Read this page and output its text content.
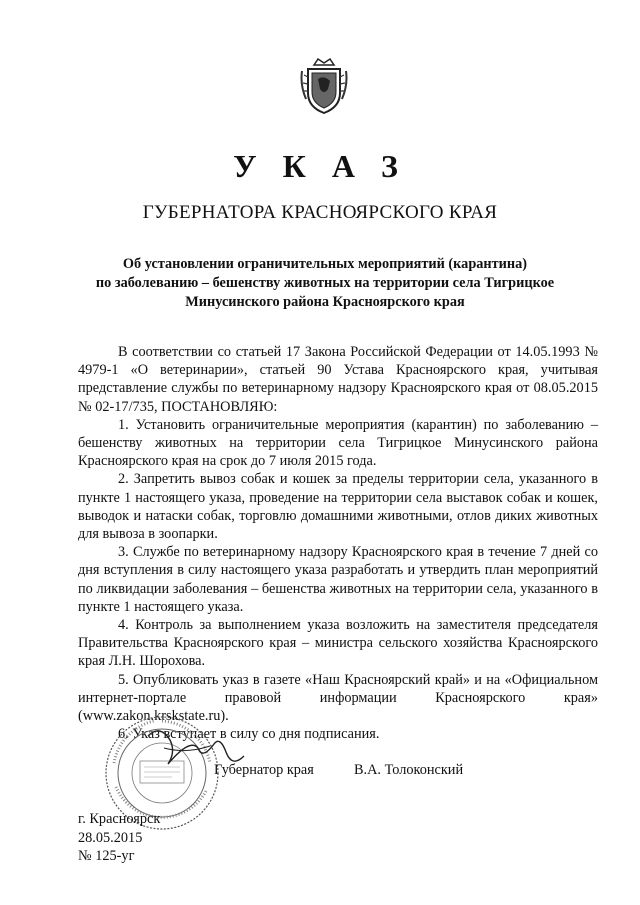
У К А З
ГУБЕРНАТОРА КРАСНОЯРСКОГО КРАЯ
Об установлении ограничительных мероприятий (карантина)
по заболеванию – бешенству животных на территории села Тигрицкое
Минусинского района Красноярского края

В соответствии со статьей 17 Закона Российской Федерации от 14.05.1993 № 4979-1 «О ветеринарии», статьей 90 Устава Красноярского края, учитывая представление службы по ветеринарному надзору Красноярского края от 08.05.2015 № 02-17/735, ПОСТАНОВЛЯЮ:

1. Установить ограничительные мероприятия (карантин) по заболеванию – бешенству животных на территории села Тигрицкое Минусинского района Красноярского края на срок до 7 июля 2015 года.

2. Запретить вывоз собак и кошек за пределы территории села, указанного в пункте 1 настоящего указа, проведение на территории села выставок собак и кошек, выводок и натаски собак, торговлю домашними животными, отлов диких животных для вывоза в зоопарки.

3. Службе по ветеринарному надзору Красноярского края в течение 7 дней со дня вступления в силу настоящего указа разработать и утвердить план мероприятий по ликвидации заболевания – бешенства животных на территории села, указанного в пункте 1 настоящего указа.

4. Контроль за выполнением указа возложить на заместителя председателя Правительства Красноярского края – министра сельского хозяйства Красноярского края Л.Н. Шорохова.

5. Опубликовать указ в газете «Наш Красноярский край» и на «Официальном интернет-портале правовой информации Красноярского края» (www.zakon.krskstate.ru).

6. Указ вступает в силу со дня подписания.

Губернатор края	В.А. Толоконский
г. Красноярск
28.05.2015
№ 125-уг
